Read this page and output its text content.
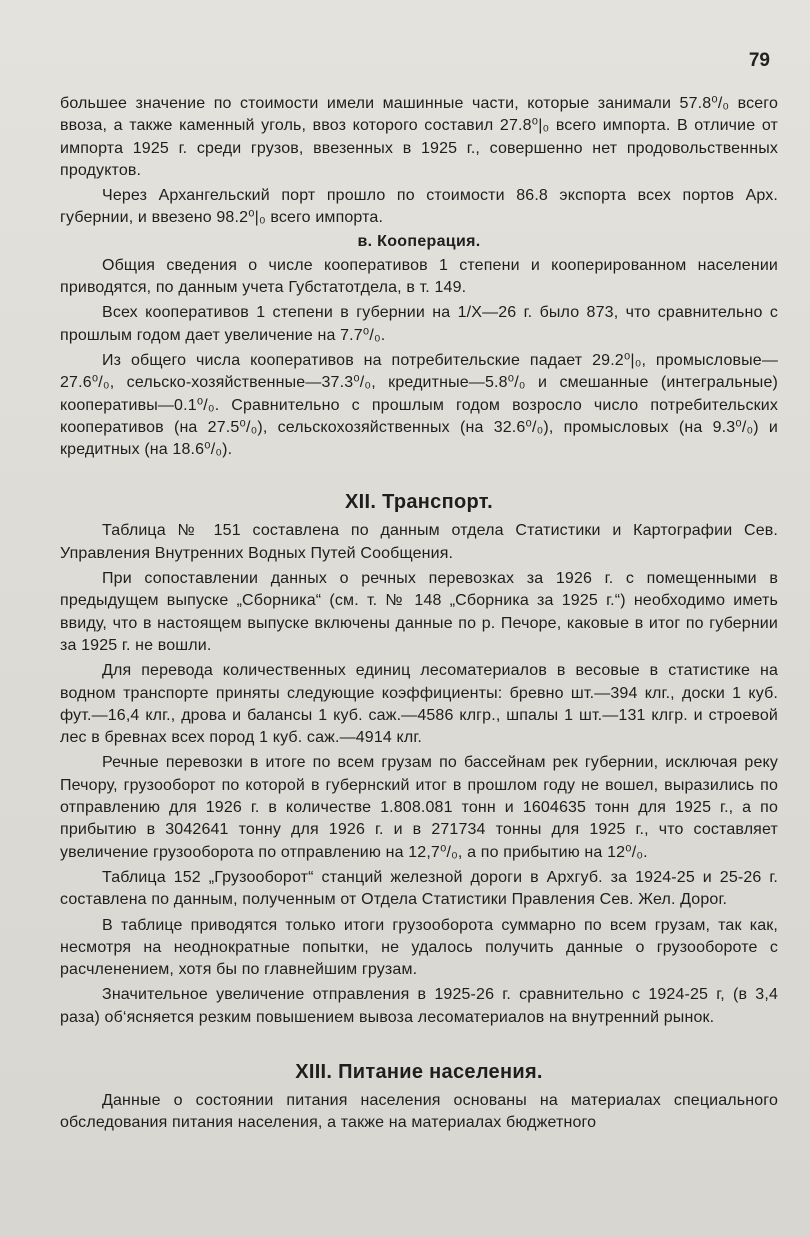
79

большее значение по стоимости имели машинные части, которые занимали 57.8⁰/₀ всего ввоза, а также каменный уголь, ввоз которого составил 27.8⁰|₀ всего импорта. В отличие от импорта 1925 г. среди грузов, ввезенных в 1925 г., совершенно нет продовольственных продуктов.

Через Архангельский порт прошло по стоимости 86.8 экспорта всех портов Арх. губернии, и ввезено 98.2⁰|₀ всего импорта.

в. Кооперация.

Общия сведения о числе кооперативов 1 степени и кооперированном населении приводятся, по данным учета Губстатотдела, в т. 149.

Всех кооперативов 1 степени в губернии на 1/X—26 г. было 873, что сравнительно с прошлым годом дает увеличение на 7.7⁰/₀.

Из общего числа кооперативов на потребительские падает 29.2⁰|₀, промысловые—27.6⁰/₀, сельско-хозяйственные—37.3⁰/₀, кредитные—5.8⁰/₀ и смешанные (интегральные) кооперативы—0.1⁰/₀. Сравнительно с прошлым годом возросло число потребительских кооперативов (на 27.5⁰/₀), сельскохозяйственных (на 32.6⁰/₀), промысловых (на 9.3⁰/₀) и кредитных (на 18.6⁰/₀).

XII. Транспорт.

Таблица № 151 составлена по данным отдела Статистики и Картографии Сев. Управления Внутренних Водных Путей Сообщения.

При сопоставлении данных о речных перевозках за 1926 г. с помещенными в предыдущем выпуске „Сборника“ (см. т. № 148 „Сборника за 1925 г.“) необходимо иметь ввиду, что в настоящем выпуске включены данные по р. Печоре, каковые в итог по губернии за 1925 г. не вошли.

Для перевода количественных единиц лесоматериалов в весовые в статистике на водном транспорте приняты следующие коэффициенты: бревно шт.—394 клг., доски 1 куб. фут.—16,4 клг., дрова и балансы 1 куб. саж.—4586 клгр., шпалы 1 шт.—131 клгр. и строевой лес в бревнах всех пород 1 куб. саж.—4914 клг.

Речные перевозки в итоге по всем грузам по бассейнам рек губернии, исключая реку Печору, грузооборот по которой в губернский итог в прошлом году не вошел, выразились по отправлению для 1926 г. в количестве 1.808.081 тонн и 1604635 тонн для 1925 г., а по прибытию в 3042641 тонну для 1926 г. и в 271734 тонны для 1925 г., что составляет увеличение грузооборота по отправлению на 12,7⁰/₀, а по прибытию на 12⁰/₀.

Таблица 152 „Грузооборот“ станций железной дороги в Архгуб. за 1924-25 и 25-26 г. составлена по данным, полученным от Отдела Статистики Правления Сев. Жел. Дорог.

В таблице приводятся только итоги грузооборота суммарно по всем грузам, так как, несмотря на неоднократные попытки, не удалось получить данные о грузообороте с расчленением, хотя бы по главнейшим грузам.

Значительное увеличение отправления в 1925-26 г. сравнительно с 1924-25 г, (в 3,4 раза) об‘ясняется резким повышением вывоза лесоматериалов на внутренний рынок.

XIII. Питание населения.

Данные о состоянии питания населения основаны на материалах специального обследования питания населения, а также на материалах бюджетного
